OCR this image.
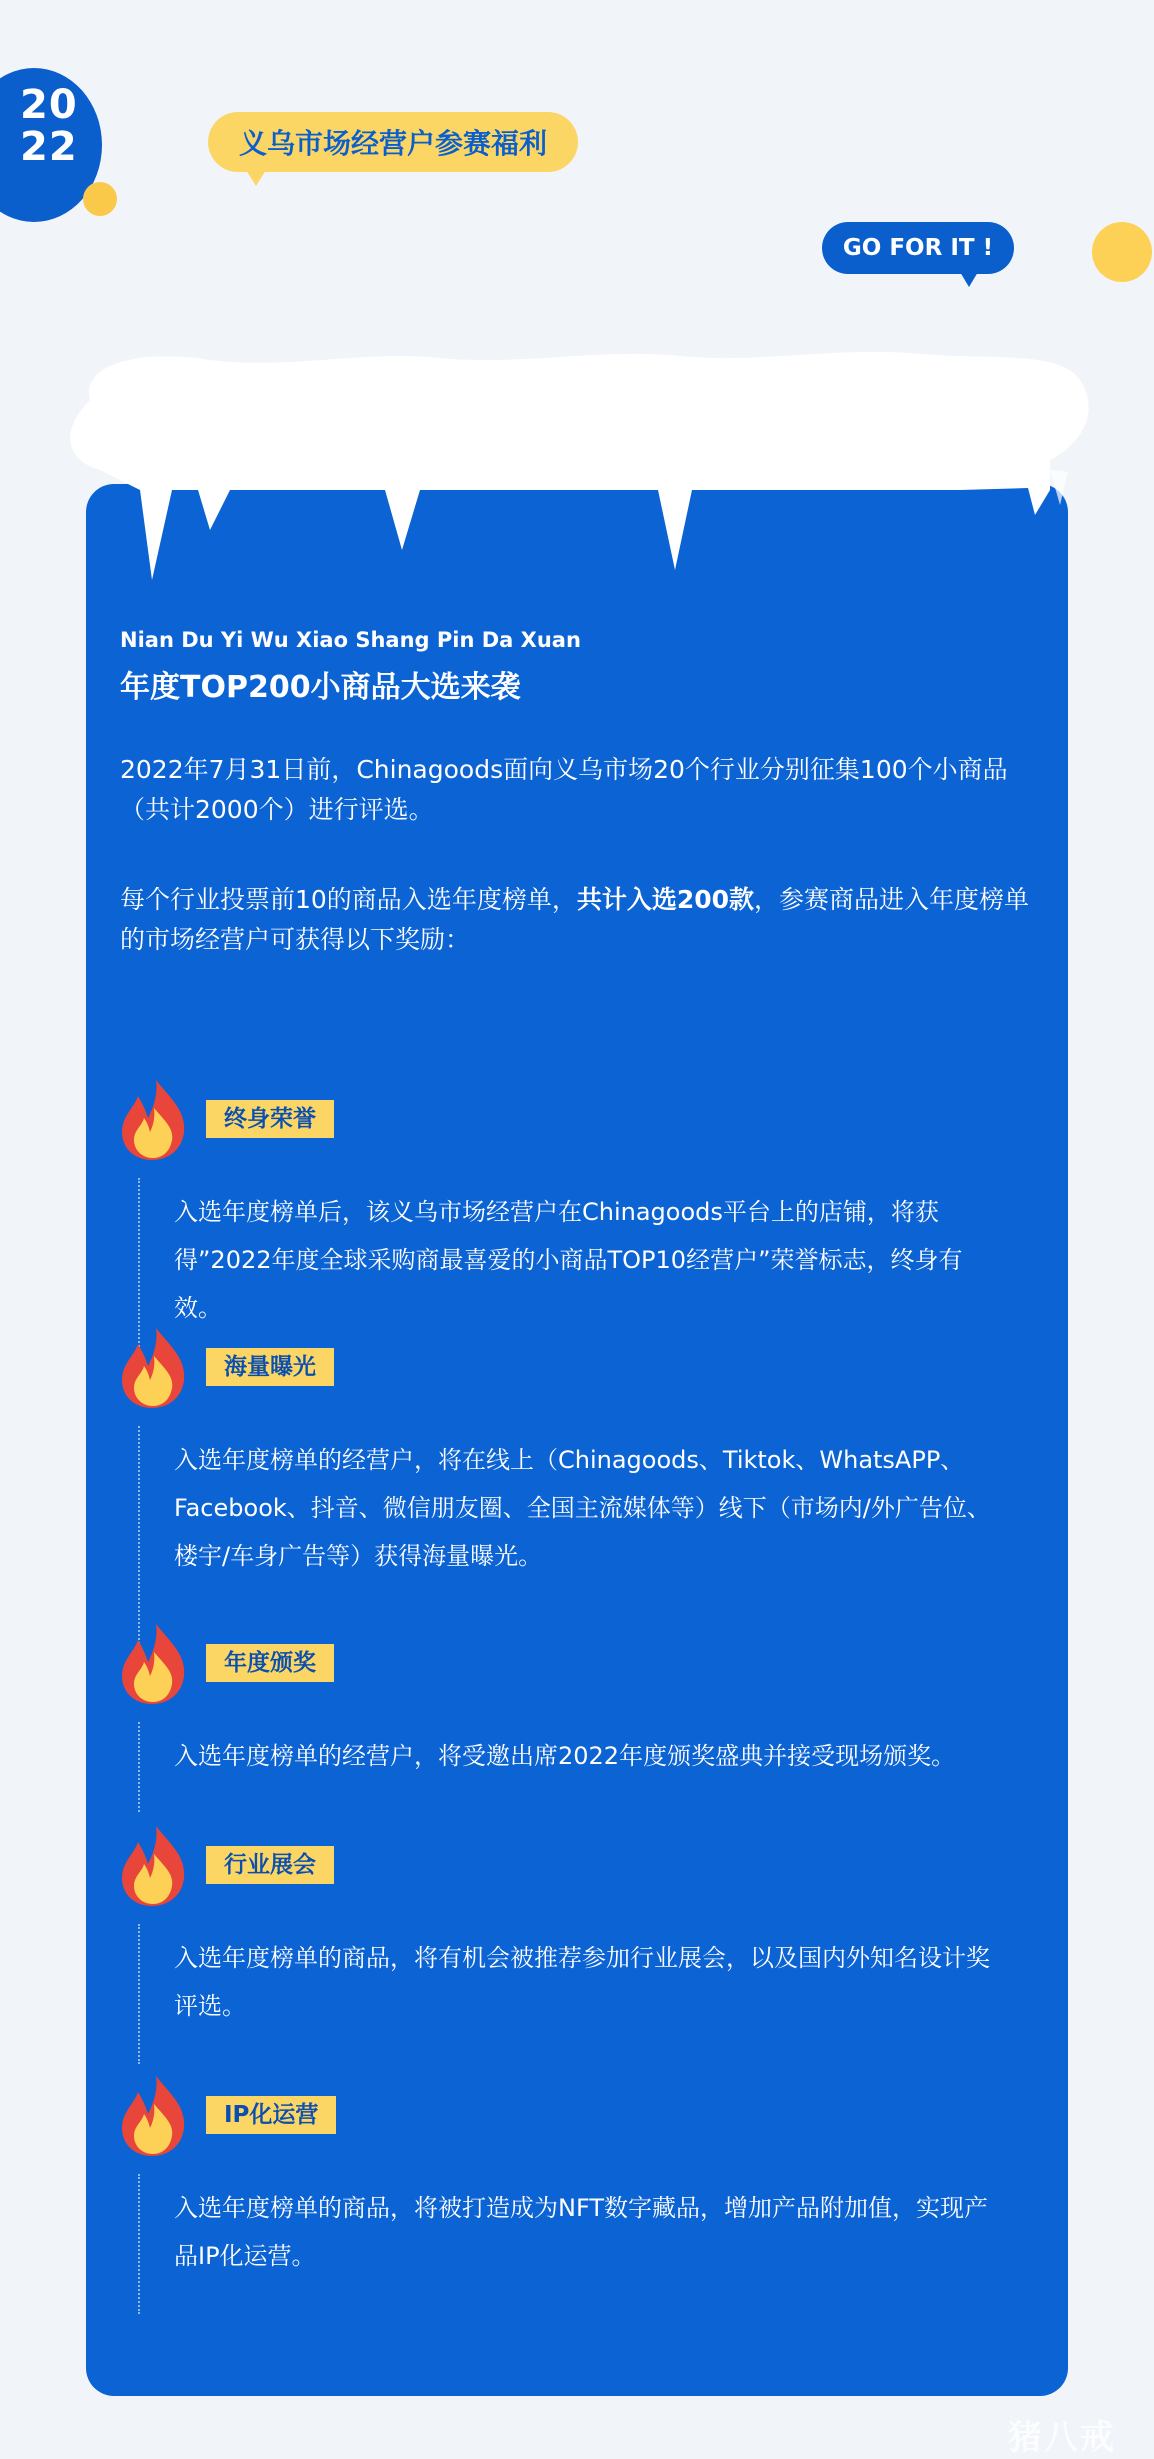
20
22	义乌市场经营户参赛福利
GO FOR IT !
Nian Du Yi Wu Xiao Shang Pin Da Xuan
年度TOP200小商品大选来袭
2022年7月31日前，Chinagoods面向义乌市场20个行业分别征集100个小商品（共计2000个）进行评选。
每个行业投票前10的商品入选年度榜单，共计入选200款，参赛商品进入年度榜单的市场经营户可获得以下奖励：
终身荣誉
入选年度榜单后，该义乌市场经营户在Chinagoods平台上的店铺，将获得”2022年度全球采购商最喜爱的小商品TOP10经营户”荣誉标志，终身有效。
海量曝光
入选年度榜单的经营户，将在线上（Chinagoods、Tiktok、WhatsAPP、Facebook、抖音、微信朋友圈、全国主流媒体等）线下（市场内/外广告位、楼宇/车身广告等）获得海量曝光。
年度颁奖
入选年度榜单的经营户，将受邀出席2022年度颁奖盛典并接受现场颁奖。
行业展会
入选年度榜单的商品，将有机会被推荐参加行业展会，以及国内外知名设计奖评选。
IP化运营
入选年度榜单的商品，将被打造成为NFT数字藏品，增加产品附加值，实现产品IP化运营。
猪八戒
